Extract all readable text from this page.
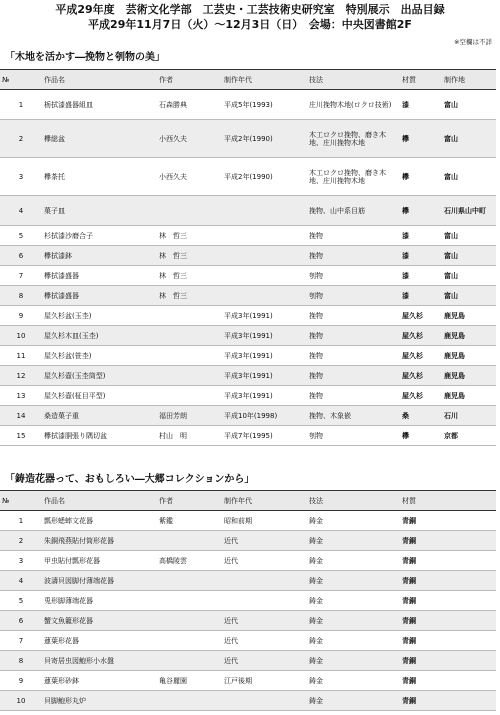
平成29年度　芸術文化学部　工芸史・工芸技術史研究室　特別展示　出品目録
平成29年11月7日（火）～12月3日（日）　会場：中央図書館2F
※空欄は不詳
「木地を活かす―挽物と刳物の美」
№	作品名	作者	制作年代	技法	材質	制作地
1	栃拭漆盛器組皿	石森勝典	平成5年(1993)	庄川挽物木地(ロクロ技術)	漆	富山
2	欅総盆	小西久夫	平成2年(1990)	木工ロクロ挽物、磨き木地、庄川挽物木地	欅	富山
3	欅茶托	小西久夫	平成2年(1990)	木工ロクロ挽物、磨き木地、庄川挽物木地	欅	富山
4	菓子皿			挽物、山中系目筋	欅	石川県山中町
5	杉拭漆沙磨合子	林　哲三		挽物	漆	富山
6	欅拭漆鉢	林　哲三		挽物	漆	富山
7	欅拭漆盛器	林　哲三		刳物	漆	富山
8	欅拭漆盛器	林　哲三		刳物	漆	富山
9	屋久杉盆(玉杢)		平成3年(1991)	挽物	屋久杉	鹿児島
10	屋久杉木皿(玉杢)		平成3年(1991)	挽物	屋久杉	鹿児島
11	屋久杉盆(笹杢)		平成3年(1991)	挽物	屋久杉	鹿児島
12	屋久杉壷(玉杢筒型)		平成3年(1991)	挽物	屋久杉	鹿児島
13	屋久杉壷(柾目平型)		平成3年(1991)	挽物	屋久杉	鹿児島
14	桑造菓子重	福田芳朗	平成10年(1998)	挽物、木象嵌	桑	石川
15	欅拭漆胴張り隅切盆	村山　明	平成7年(1995)	刳物	欅	京都
「鋳造花器って、おもしろい―大郷コレクションから」
№	作品名	作者	制作年代	技法	材質
1	瓢形蟋蟀文花器	紫鑑	昭和前期	鋳金	青銅
2	朱銅飛燕貼付筒形花器		近代	鋳金	青銅
3	甲虫貼付瓢形花器	高橋陵雲	近代	鋳金	青銅
4	波濤貝図脚付薄端花器			鋳金	青銅
5	兎形脚薄端花器			鋳金	青銅
6	蟹文魚籠形花器		近代	鋳金	青銅
7	蓮葉形花器		近代	鋳金	青銅
8	貝寄居虫図鮑形小水盤		近代	鋳金	青銅
9	蓮葉形砂鉢	亀谷麗園	江戸後期	鋳金	青銅
10	貝脚鮑形丸炉			鋳金	青銅
